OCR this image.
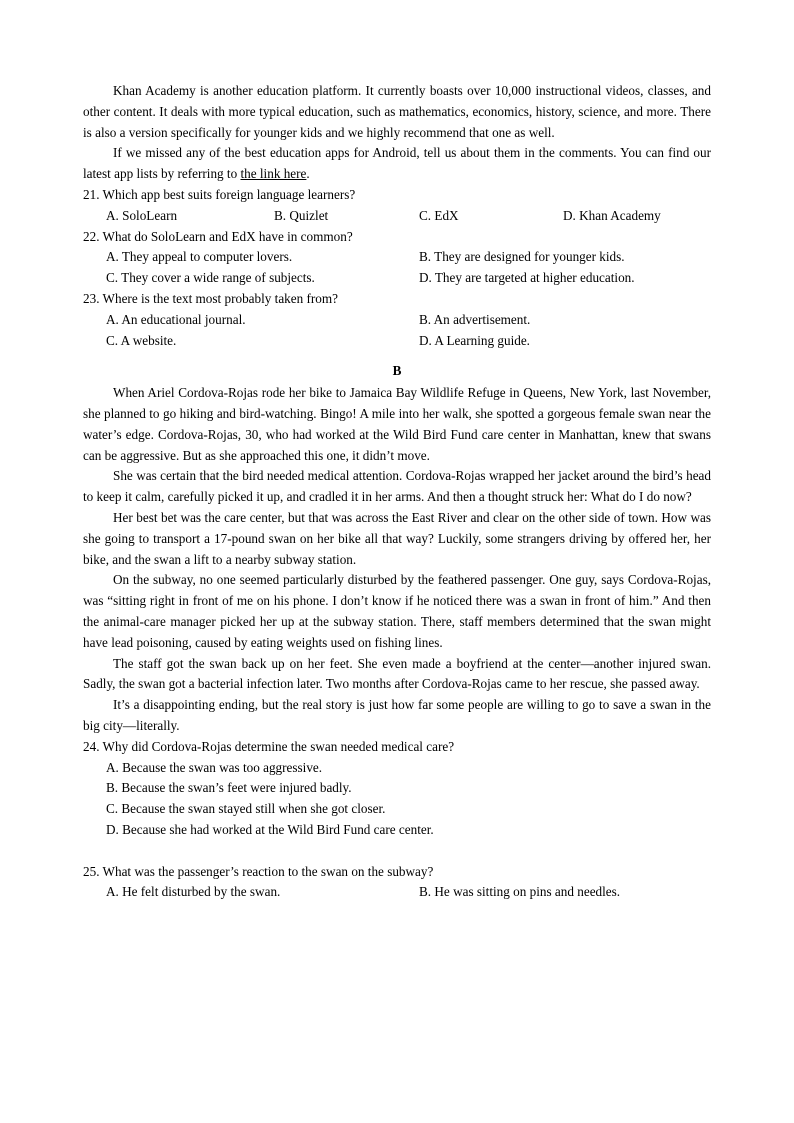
Khan Academy is another education platform. It currently boasts over 10,000 instructional videos, classes, and other content. It deals with more typical education, such as mathematics, economics, history, science, and more. There is also a version specifically for younger kids and we highly recommend that one as well.

If we missed any of the best education apps for Android, tell us about them in the comments. You can find our latest app lists by referring to the link here.

21. Which app best suits foreign language learners?
A. SoloLearn	B. Quizlet	C. EdX	D. Khan Academy
22. What do SoloLearn and EdX have in common?
A. They appeal to computer lovers.	B. They are designed for younger kids.
C. They cover a wide range of subjects.	D. They are targeted at higher education.
23. Where is the text most probably taken from?
A. An educational journal.	B. An advertisement.
C. A website.	D. A Learning guide.
B

When Ariel Cordova-Rojas rode her bike to Jamaica Bay Wildlife Refuge in Queens, New York, last November, she planned to go hiking and bird-watching. Bingo! A mile into her walk, she spotted a gorgeous female swan near the water’s edge. Cordova-Rojas, 30, who had worked at the Wild Bird Fund care center in Manhattan, knew that swans can be aggressive. But as she approached this one, it didn’t move.

She was certain that the bird needed medical attention. Cordova-Rojas wrapped her jacket around the bird’s head to keep it calm, carefully picked it up, and cradled it in her arms. And then a thought struck her: What do I do now?

Her best bet was the care center, but that was across the East River and clear on the other side of town. How was she going to transport a 17-pound swan on her bike all that way? Luckily, some strangers driving by offered her, her bike, and the swan a lift to a nearby subway station.

On the subway, no one seemed particularly disturbed by the feathered passenger. One guy, says Cordova-Rojas, was “sitting right in front of me on his phone. I don’t know if he noticed there was a swan in front of him.” And then the animal-care manager picked her up at the subway station. There, staff members determined that the swan might have lead poisoning, caused by eating weights used on fishing lines.

The staff got the swan back up on her feet. She even made a boyfriend at the center—another injured swan. Sadly, the swan got a bacterial infection later. Two months after Cordova-Rojas came to her rescue, she passed away.

It’s a disappointing ending, but the real story is just how far some people are willing to go to save a swan in the big city—literally.

24. Why did Cordova-Rojas determine the swan needed medical care?
A. Because the swan was too aggressive.
B. Because the swan’s feet were injured badly.
C. Because the swan stayed still when she got closer.
D. Because she had worked at the Wild Bird Fund care center.
25. What was the passenger’s reaction to the swan on the subway?
A. He felt disturbed by the swan.	B. He was sitting on pins and needles.
